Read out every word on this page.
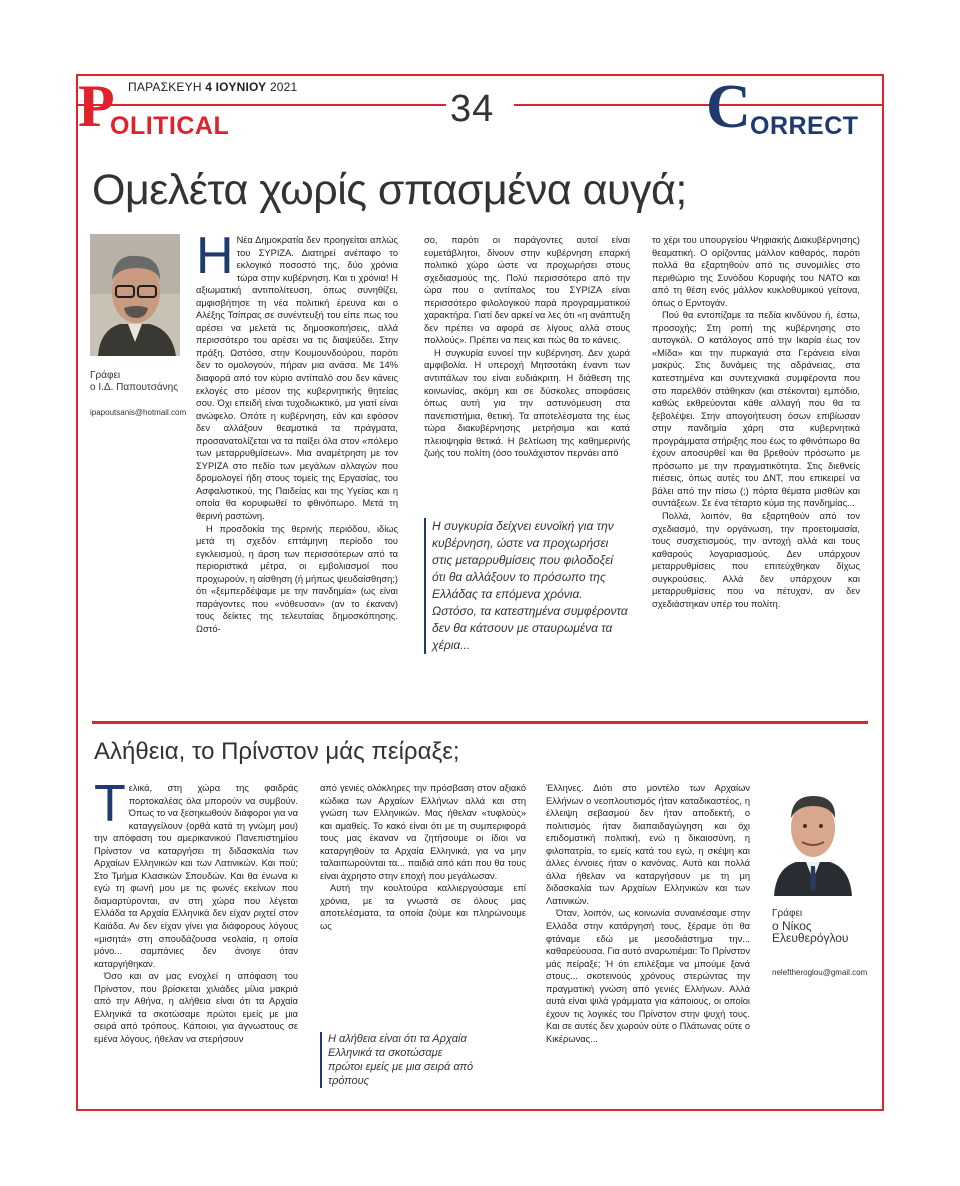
ΠΑΡΑΣΚΕΥΗ 4 ΙΟΥΝΙΟΥ 2021
P
OLITICAL	34	C ORRECT
Ομελέτα χωρίς σπασμένα αυγά;
Γράφει
ο Ι.Δ. Παπουτσάνης
ipapoutsanis@hotmail.com
Η Νέα Δημοκρατία δεν προηγείται απλώς του ΣΥΡΙΖΑ. Διατηρεί ανέπαφο το εκλογικό ποσοστό της, δύο χρόνια τώρα στην κυβέρνηση. Και τι χρόνια! Η αξιωματική αντιπολίτευση, όπως συνηθίζει, αμφισβήτησε τη νέα πολιτική έρευνα και ο Αλέξης Τσίπρας σε συνέντευξή του είπε πως του αρέσει να μελετά τις δημοσκοπήσεις, αλλά περισσότερο του αρέσει να τις διαψεύδει. Στην πράξη. Ωστόσο, στην Κουμουνδούρου, παρότι δεν το ομολογούν, πήραν μια ανάσα. Με 14% διαφορά από τον κύριο αντίπαλό σου δεν κάνεις εκλογές στο μέσον της κυβερνητικής θητείας σου. Όχι επειδή είναι τυχοδιωκτικό, μα γιατί είναι ανώφελο. Οπότε η κυβέρνηση, εάν και εφόσον δεν αλλάξουν θεαματικά τα πράγματα, προσανατολίζεται να τα παίξει όλα στον «πόλεμο των μεταρρυθμίσεων». Μια αναμέτρηση με τον ΣΥΡΙΖΑ στο πεδίο των μεγάλων αλλαγών που δρομολογεί ήδη στους τομείς της Εργασίας, του Ασφαλιστικού, της Παιδείας και της Υγείας και η οποία θα κορυφωθεί το φθινόπωρο. Μετά τη θερινή ραστώνη.

Η προσδοκία της θερινής περιόδου, ιδίως μετά τη σχεδόν επτάμηνη περίοδο του εγκλεισμού, η άρση των περισσότερων από τα περιοριστικά μέτρα, οι εμβολιασμοί που προχωρούν, η αίσθηση (ή μήπως ψευδαίσθηση;) ότι «ξεμπερδέψαμε με την πανδημία» (ως είναι παράγοντες που «νόθευσαν» (αν το έκαναν) τους δείκτες της τελευταίας δημοσκόπησης. Ωστό-

σο, παρότι οι παράγοντες αυτοί είναι ευμετάβλητοι, δίνουν στην κυβέρνηση επαρκή πολιτικό χώρο ώστε να προχωρήσει στους σχεδιασμούς της. Πολύ περισσότερο από την ώρα που ο αντίπαλος του ΣΥΡΙΖΑ είναι περισσότερο φιλολογικού παρά προγραμματικού χαρακτήρα. Γιατί δεν αρκεί να λες ότι «η ανάπτυξη δεν πρέπει να αφορά σε λίγους αλλά στους πολλούς». Πρέπει να πεις και πώς θα το κάνεις.

Η συγκυρία ευνοεί την κυβέρνηση. Δεν χωρά αμφιβολία. Η υπεροχή Μητσοτάκη έναντι των αντιπάλων του είναι ευδιάκριτη. Η διάθεση της κοινωνίας, ακόμη και σε δύσκολες αποφάσεις όπως αυτή για την αστυνόμευση στα πανεπιστήμια, θετική. Τα αποτελέσματα της έως τώρα διακυβέρνησης μετρήσιμα και κατά πλειοψηφία θετικά. Η βελτίωση της καθημερινής ζωής του πολίτη (όσο τουλάχιστον περνάει από

Η συγκυρία δείχνει ευνοϊκή για την κυβέρνηση, ώστε να προχωρήσει στις μεταρρυθμίσεις που φιλοδοξεί ότι θα αλλάξουν το πρόσωπο της Ελλάδας τα επόμενα χρόνια. Ωστόσο, τα κατεστημένα συμφέροντα δεν θα κάτσουν με σταυρωμένα τα χέρια...

το χέρι του υπουργείου Ψηφιακής Διακυβέρνησης) θεαματική. Ο ορίζοντας μάλλον καθαρός, παρότι πολλά θα εξαρτηθούν από τις συνομιλίες στο περιθώριο της Συνόδου Κορυφής του ΝΑΤΟ και από τη θέση ενός μάλλον κυκλοθυμικού γείτονα, όπως ο Ερντογάν.

Πού θα εντοπίζαμε τα πεδία κινδύνου ή, έστω, προσοχής; Στη ροπή της κυβέρνησης στο αυτογκόλ. Ο κατάλογος από την Ικαρία έως τον «Μίδα» και την πυρκαγιά στα Γεράνεια είναι μακρύς. Στις δυνάμεις της αδράνειας, στα κατεστημένα και συντεχνιακά συμφέροντα που στο παρελθόν στάθηκαν (και στέκονται) εμπόδιο, καθώς εκθρεύονται κάθε αλλαγή που θα τα ξεβολέψει. Στην απογοήτευση όσων επιβίωσαν στην πανδημία χάρη στα κυβερνητικά προγράμματα στήριξης που έως το φθινόπωρο θα έχουν αποσυρθεί και θα βρεθούν πρόσωπο με πρόσωπο με την πραγματικότητα. Στις διεθνείς πιέσεις, όπως αυτές του ΔΝΤ, που επικειρεί να βάλει από την πίσω (;) πόρτα θέματα μισθών και συντάξεων. Σε ένα τέταρτο κύμα της πανδημίας...

Πολλά, λοιπόν, θα εξαρτηθούν από τον σχεδιασμό, την οργάνωση, την προετοιμασία, τους συσχετισμούς, την αντοχή αλλά και τους καθαρούς λογαριασμούς. Δεν υπάρχουν μεταρρυθμίσεις που επιτεύχθηκαν δίχως συγκρούσεις. Αλλά δεν υπάρχουν και μεταρρυθμίσεις που να πέτυχαν, αν δεν σχεδιάστηκαν υπέρ του πολίτη.

Αλήθεια, το Πρίνστον μάς πείραξε;
Τ ελικά, στη χώρα της φαιδράς πορτοκαλέας όλα μπορούν να συμβούν. Όπως το να ξεσηκωθούν διάφοροι για να καταγγείλουν (ορθά κατά τη γνώμη μου) την απόφαση του αμερικανικού Πανεπιστημίου Πρίνστον να καταργήσει τη διδασκαλία των Αρχαίων Ελληνικών και των Λατινικών. Και πού; Στο Τμήμα Κλασικών Σπουδών. Και θα ένωνα κι εγώ τη φωνή μου με τις φωνές εκείνων που διαμαρτύρονται, αν στη χώρα που λέγεται Ελλάδα τα Αρχαία Ελληνικά δεν είχαν ριχτεί στον Καιάδα. Αν δεν είχαν γίνει για διάφορους λόγους «μισητά» στη σπουδάζουσα νεολαία, η οποία μόνο... σαμπάνιες δεν άνοιγε όταν καταργήθηκαν.

Όσο και αν μας ενοχλεί η απόφαση του Πρίνστον, που βρίσκεται χιλιάδες μίλια μακριά από την Αθήνα, η αλήθεια είναι ότι τα Αρχαία Ελληνικά τα σκοτώσαμε πρώτοι εμείς με μια σειρά από τρόπους. Κάποιοι, για άγνωστους σε εμένα λόγους, ήθελαν να στερήσουν

από γενιές ολόκληρες την πρόσβαση στον αξιακό κώδικα των Αρχαίων Ελλήνων αλλά και στη γνώση των Ελληνικών. Μας ήθελαν «τυφλούς» και αμαθείς. Το κακό είναι ότι με τη συμπεριφορά τους μας έκαναν να ζητήσουμε οι ίδιοι να καταργηθούν τα Αρχαία Ελληνικά, για να μην ταλαιπωρούνται τα... παιδιά από κάτι που θα τους είναι άχρηστο στην εποχή που μεγάλωσαν.

Αυτή την κουλτούρα καλλιεργούσαμε επί χρόνια, με τα γνωστά σε όλους μας αποτελέσματα, τα οποία ζούμε και πληρώνουμε ως

Η αλήθεια είναι ότι τα Αρχαία Ελληνικά τα σκοτώσαμε πρώτοι εμείς με μια σειρά από τρόπους

Έλληνες. Διότι στο μοντέλο των Αρχαίων Ελλήνων ο νεοπλουτισμός ήταν καταδικαστέος, η έλλειψη σεβασμού δεν ήταν αποδεκτή, ο πολιτισμός ήταν διαπαιδαγώγηση και όχι επιδοματική πολιτική, ενώ η δικαιοσύνη, η φιλοπατρία, το εμείς κατά του εγώ, η σκέψη και άλλες έννοιες ήταν ο κανόνας. Αυτά και πολλά άλλα ήθελαν να καταργήσουν με τη μη διδασκαλία των Αρχαίων Ελληνικών και των Λατινικών.

Όταν, λοιπόν, ως κοινωνία συναινέσαμε στην Ελλάδα στην κατάργησή τους, ξέραμε ότι θα φτάναμε εδώ με μεσοδιάστημα την... καθαρεύουσα. Για αυτό αναρωτιέμαι: Το Πρίνστον μάς πείραξε; Ή ότι επιλέξαμε να μπούμε ξανά στους... σκοτεινούς χρόνους στερώντας την πραγματική γνώση από γενιές Ελλήνων. Αλλά αυτά είναι ψιλά γράμματα για κάποιους, οι οποίοι έχουν τις λογικές του Πρίνστον στην ψυχή τους. Και σε αυτές δεν χωρούν ούτε ο Πλάτωνας ούτε ο Κικέρωνας...

Γράφει
ο Νίκος
Ελευθερόγλου
neleftheroglou@gmail.com
